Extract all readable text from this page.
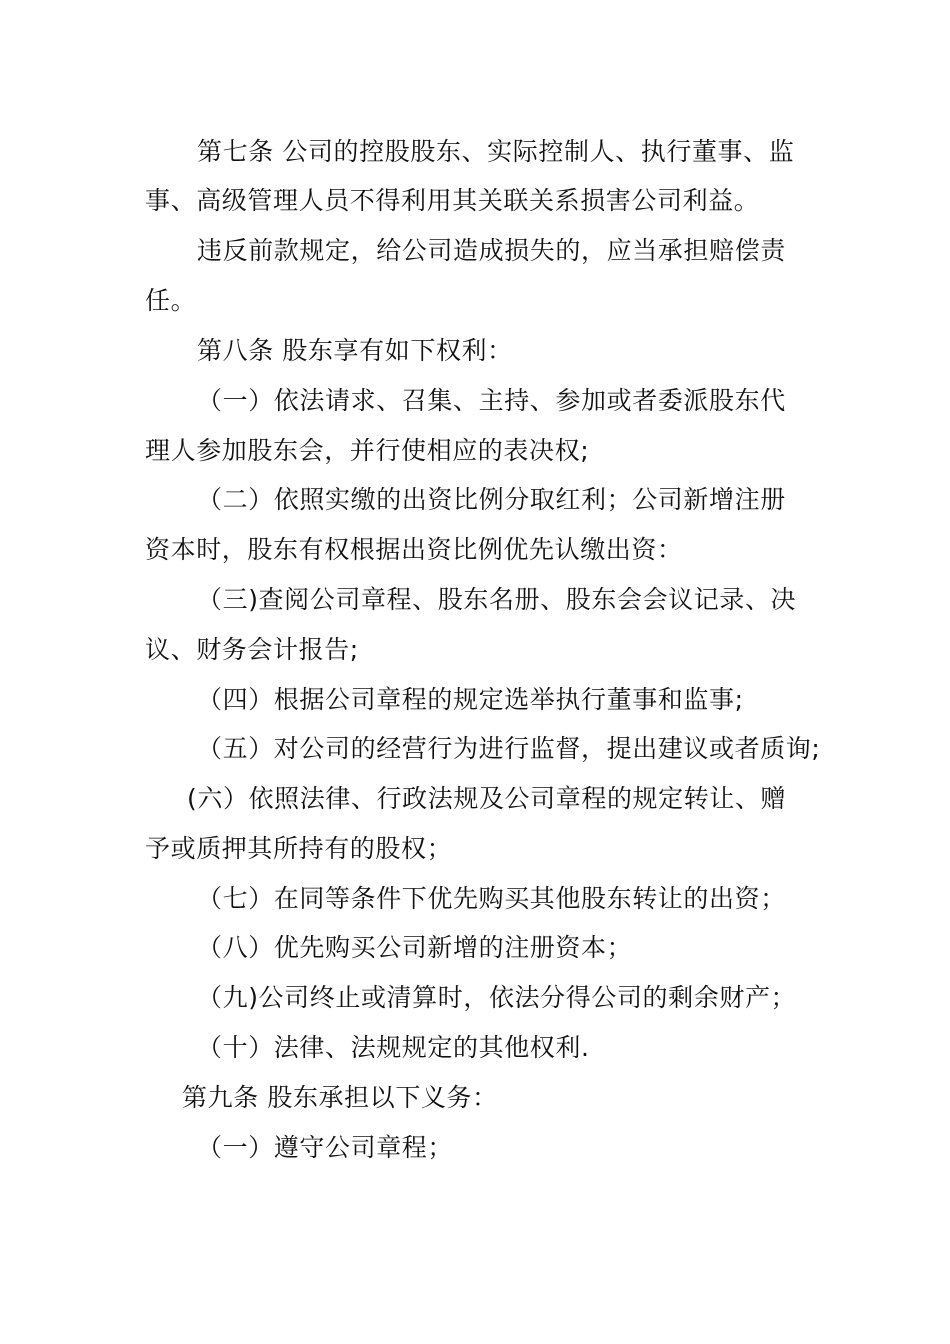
第七条 公司的控股股东、实际控制人、执行董事、监
事、高级管理人员不得利用其关联关系损害公司利益。
违反前款规定，给公司造成损失的，应当承担赔偿责
任。
第八条 股东享有如下权利：
（一）依法请求、召集、主持、参加或者委派股东代
理人参加股东会，并行使相应的表决权;
（二）依照实缴的出资比例分取红利；公司新增注册
资本时，股东有权根据出资比例优先认缴出资：
（三)查阅公司章程、股东名册、股东会会议记录、决
议、财务会计报告;
（四）根据公司章程的规定选举执行董事和监事;
（五）对公司的经营行为进行监督，提出建议或者质询;
(六）依照法律、行政法规及公司章程的规定转让、赠
予或质押其所持有的股权；
（七）在同等条件下优先购买其他股东转让的出资；
（八）优先购买公司新增的注册资本；
（九)公司终止或清算时，依法分得公司的剩余财产；
（十）法律、法规规定的其他权利.
第九条 股东承担以下义务：
（一）遵守公司章程；
